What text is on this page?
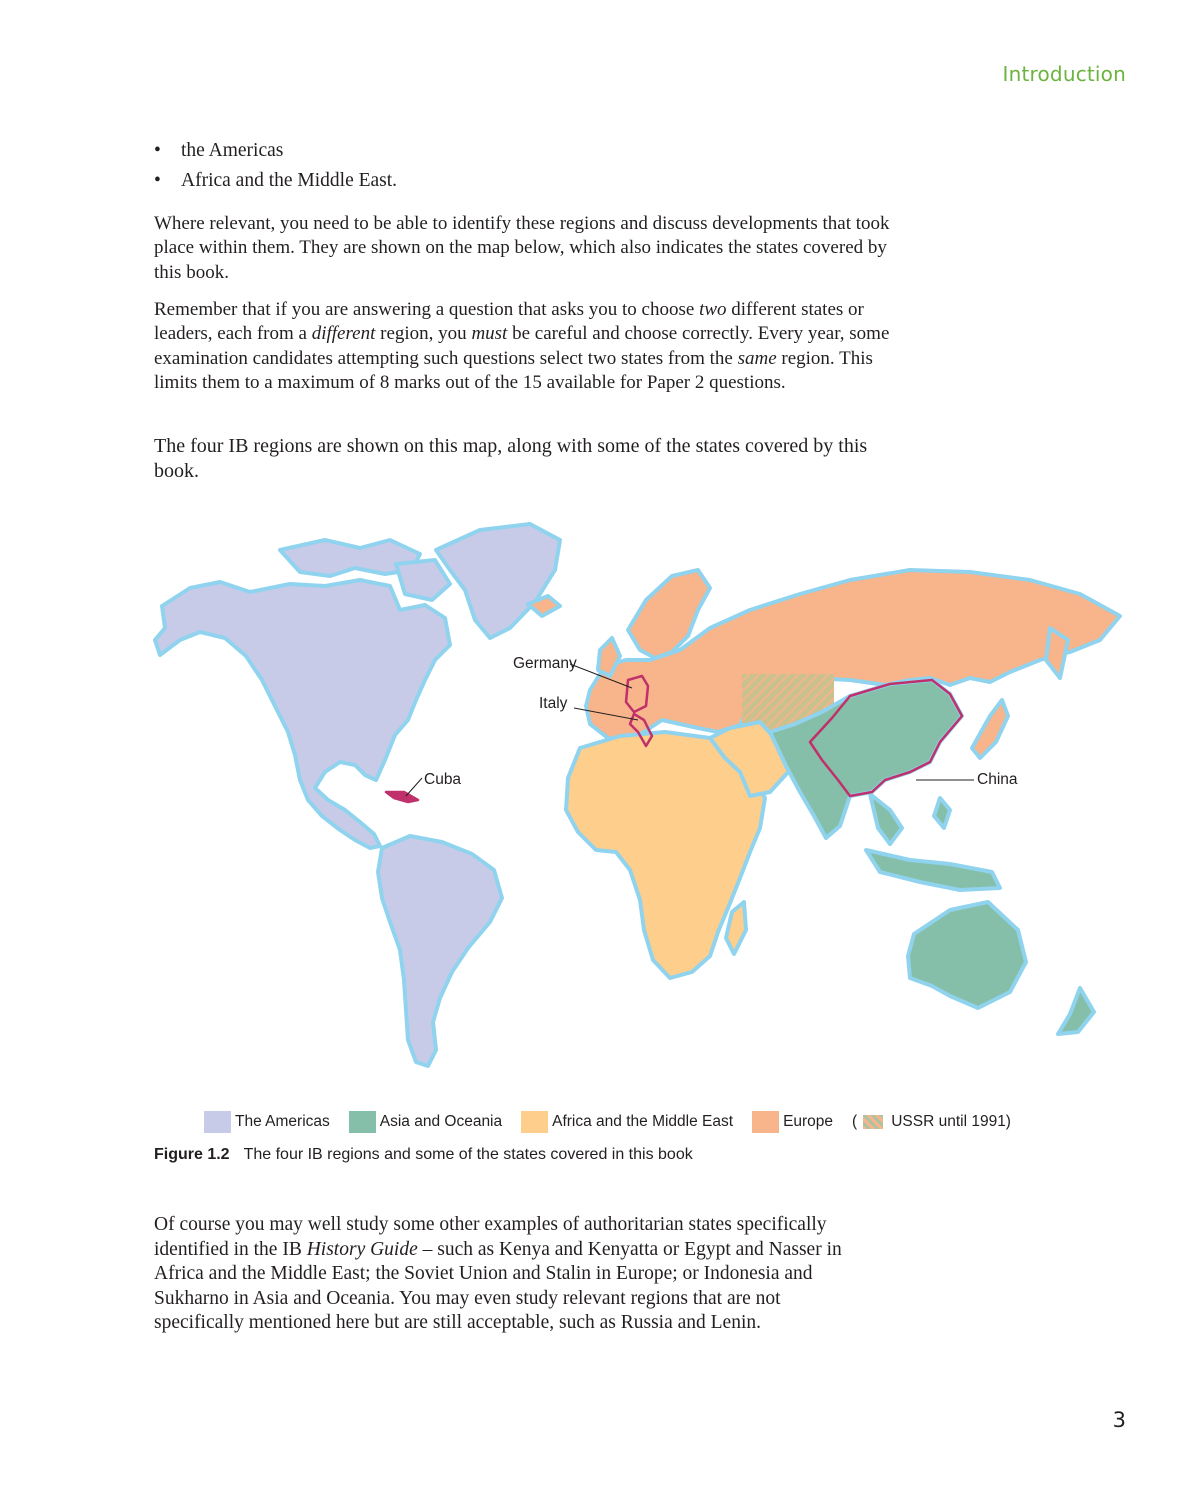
Introduction
• the Americas
• Africa and the Middle East.

Where relevant, you need to be able to identify these regions and discuss developments that took place within them. They are shown on the map below, which also indicates the states covered by this book.

Remember that if you are answering a question that asks you to choose two different states or leaders, each from a different region, you must be careful and choose correctly. Every year, some examination candidates attempting such questions select two states from the same region. This limits them to a maximum of 8 marks out of the 15 available for Paper 2 questions.

The four IB regions are shown on this map, along with some of the states covered by this book.

Germany
Italy
Cuba	China
The Americas	Asia and Oceania	Africa and the Middle East	Europe ( USSR until 1991)
Figure 1.2 The four IB regions and some of the states covered in this book

Of course you may well study some other examples of authoritarian states specifically identified in the IB History Guide – such as Kenya and Kenyatta or Egypt and Nasser in Africa and the Middle East; the Soviet Union and Stalin in Europe; or Indonesia and Sukharno in Asia and Oceania. You may even study relevant regions that are not specifically mentioned here but are still acceptable, such as Russia and Lenin.

3
